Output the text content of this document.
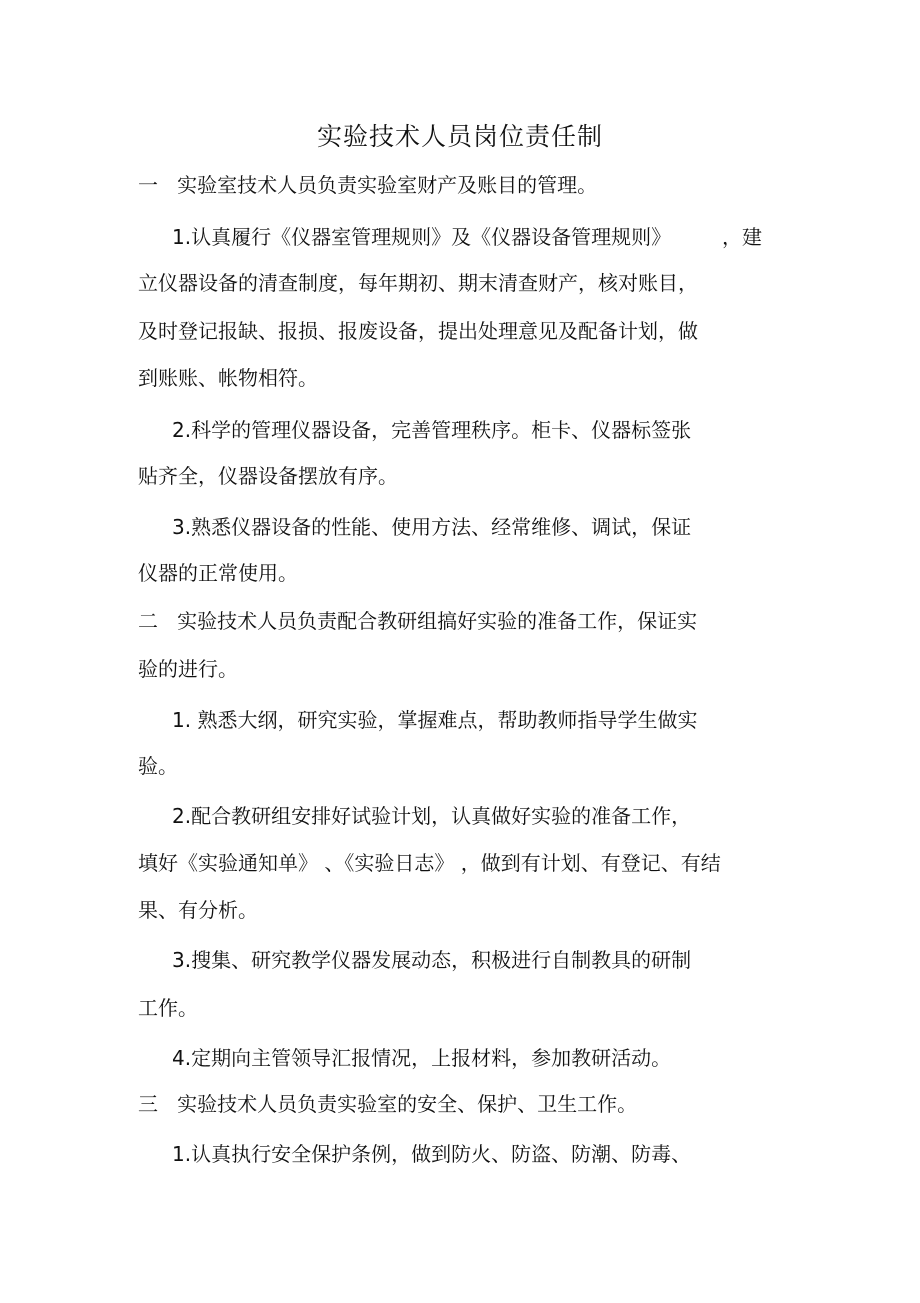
实验技术人员岗位责任制

一   实验室技术人员负责实验室财产及账目的管理。

1.认真履行《仪器室管理规则》及《仪器设备管理规则》        ，建

立仪器设备的清查制度，每年期初、期末清查财产，核对账目，

及时登记报缺、报损、报废设备，提出处理意见及配备计划，做

到账账、帐物相符。

2.科学的管理仪器设备，完善管理秩序。柜卡、仪器标签张

贴齐全，仪器设备摆放有序。

3.熟悉仪器设备的性能、使用方法、经常维修、调试，保证

仪器的正常使用。

二   实验技术人员负责配合教研组搞好实验的准备工作，保证实

验的进行。

1. 熟悉大纲，研究实验，掌握难点，帮助教师指导学生做实

验。

2.配合教研组安排好试验计划，认真做好实验的准备工作，

填好《实验通知单》 、《实验日志》 ，做到有计划、有登记、有结

果、有分析。

3.搜集、研究教学仪器发展动态，积极进行自制教具的研制

工作。

4.定期向主管领导汇报情况，上报材料，参加教研活动。

三   实验技术人员负责实验室的安全、保护、卫生工作。

1.认真执行安全保护条例，做到防火、防盗、防潮、防毒、
